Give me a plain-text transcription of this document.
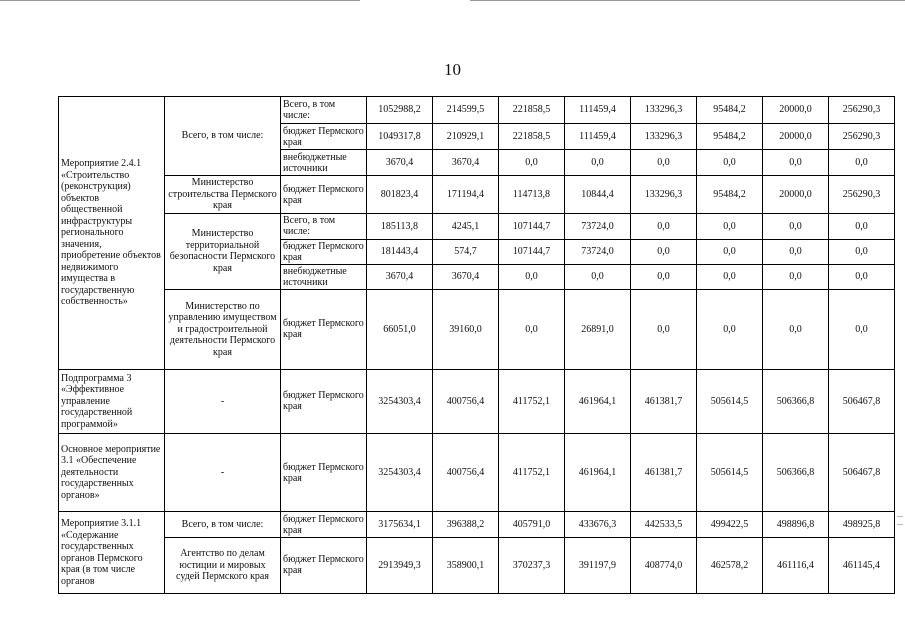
10
Мероприятие 2.4.1 «Строительство (реконструкция) объектов общественной инфраструктуры регионального значения, приобретение объектов недвижимого имущества в государственную собственность»	Всего, в том числе:	Всего, в том числе:	1052988,2	214599,5	221858,5	111459,4	133296,3	95484,2	20000,0	256290,3
		бюджет Пермского края	1049317,8	210929,1	221858,5	111459,4	133296,3	95484,2	20000,0	256290,3
		внебюджетные источники	3670,4	3670,4	0,0	0,0	0,0	0,0	0,0	0,0
	Министерство строительства Пермского края	бюджет Пермского края	801823,4	171194,4	114713,8	10844,4	133296,3	95484,2	20000,0	256290,3
	Министерство территориальной безопасности Пермского края	Всего, в том числе:	185113,8	4245,1	107144,7	73724,0	0,0	0,0	0,0	0,0
		бюджет Пермского края	181443,4	574,7	107144,7	73724,0	0,0	0,0	0,0	0,0
		внебюджетные источники	3670,4	3670,4	0,0	0,0	0,0	0,0	0,0	0,0
	Министерство по управлению имуществом и градостроительной деятельности Пермского края	бюджет Пермского края	66051,0	39160,0	0,0	26891,0	0,0	0,0	0,0	0,0
Подпрограмма 3 «Эффективное управление государственной программой»	-	бюджет Пермского края	3254303,4	400756,4	411752,1	461964,1	461381,7	505614,5	506366,8	506467,8
Основное мероприятие 3.1 «Обеспечение деятельности государственных органов»	-	бюджет Пермского края	3254303,4	400756,4	411752,1	461964,1	461381,7	505614,5	506366,8	506467,8
Мероприятие 3.1.1 «Содержание государственных органов Пермского края (в том числе органов	Всего, в том числе:	бюджет Пермского края	3175634,1	396388,2	405791,0	433676,3	442533,5	499422,5	498896,8	498925,8
	Агентство по делам юстиции и мировых судей Пермского края	бюджет Пермского края	2913949,3	358900,1	370237,3	391197,9	408774,0	462578,2	461116,4	461145,4
